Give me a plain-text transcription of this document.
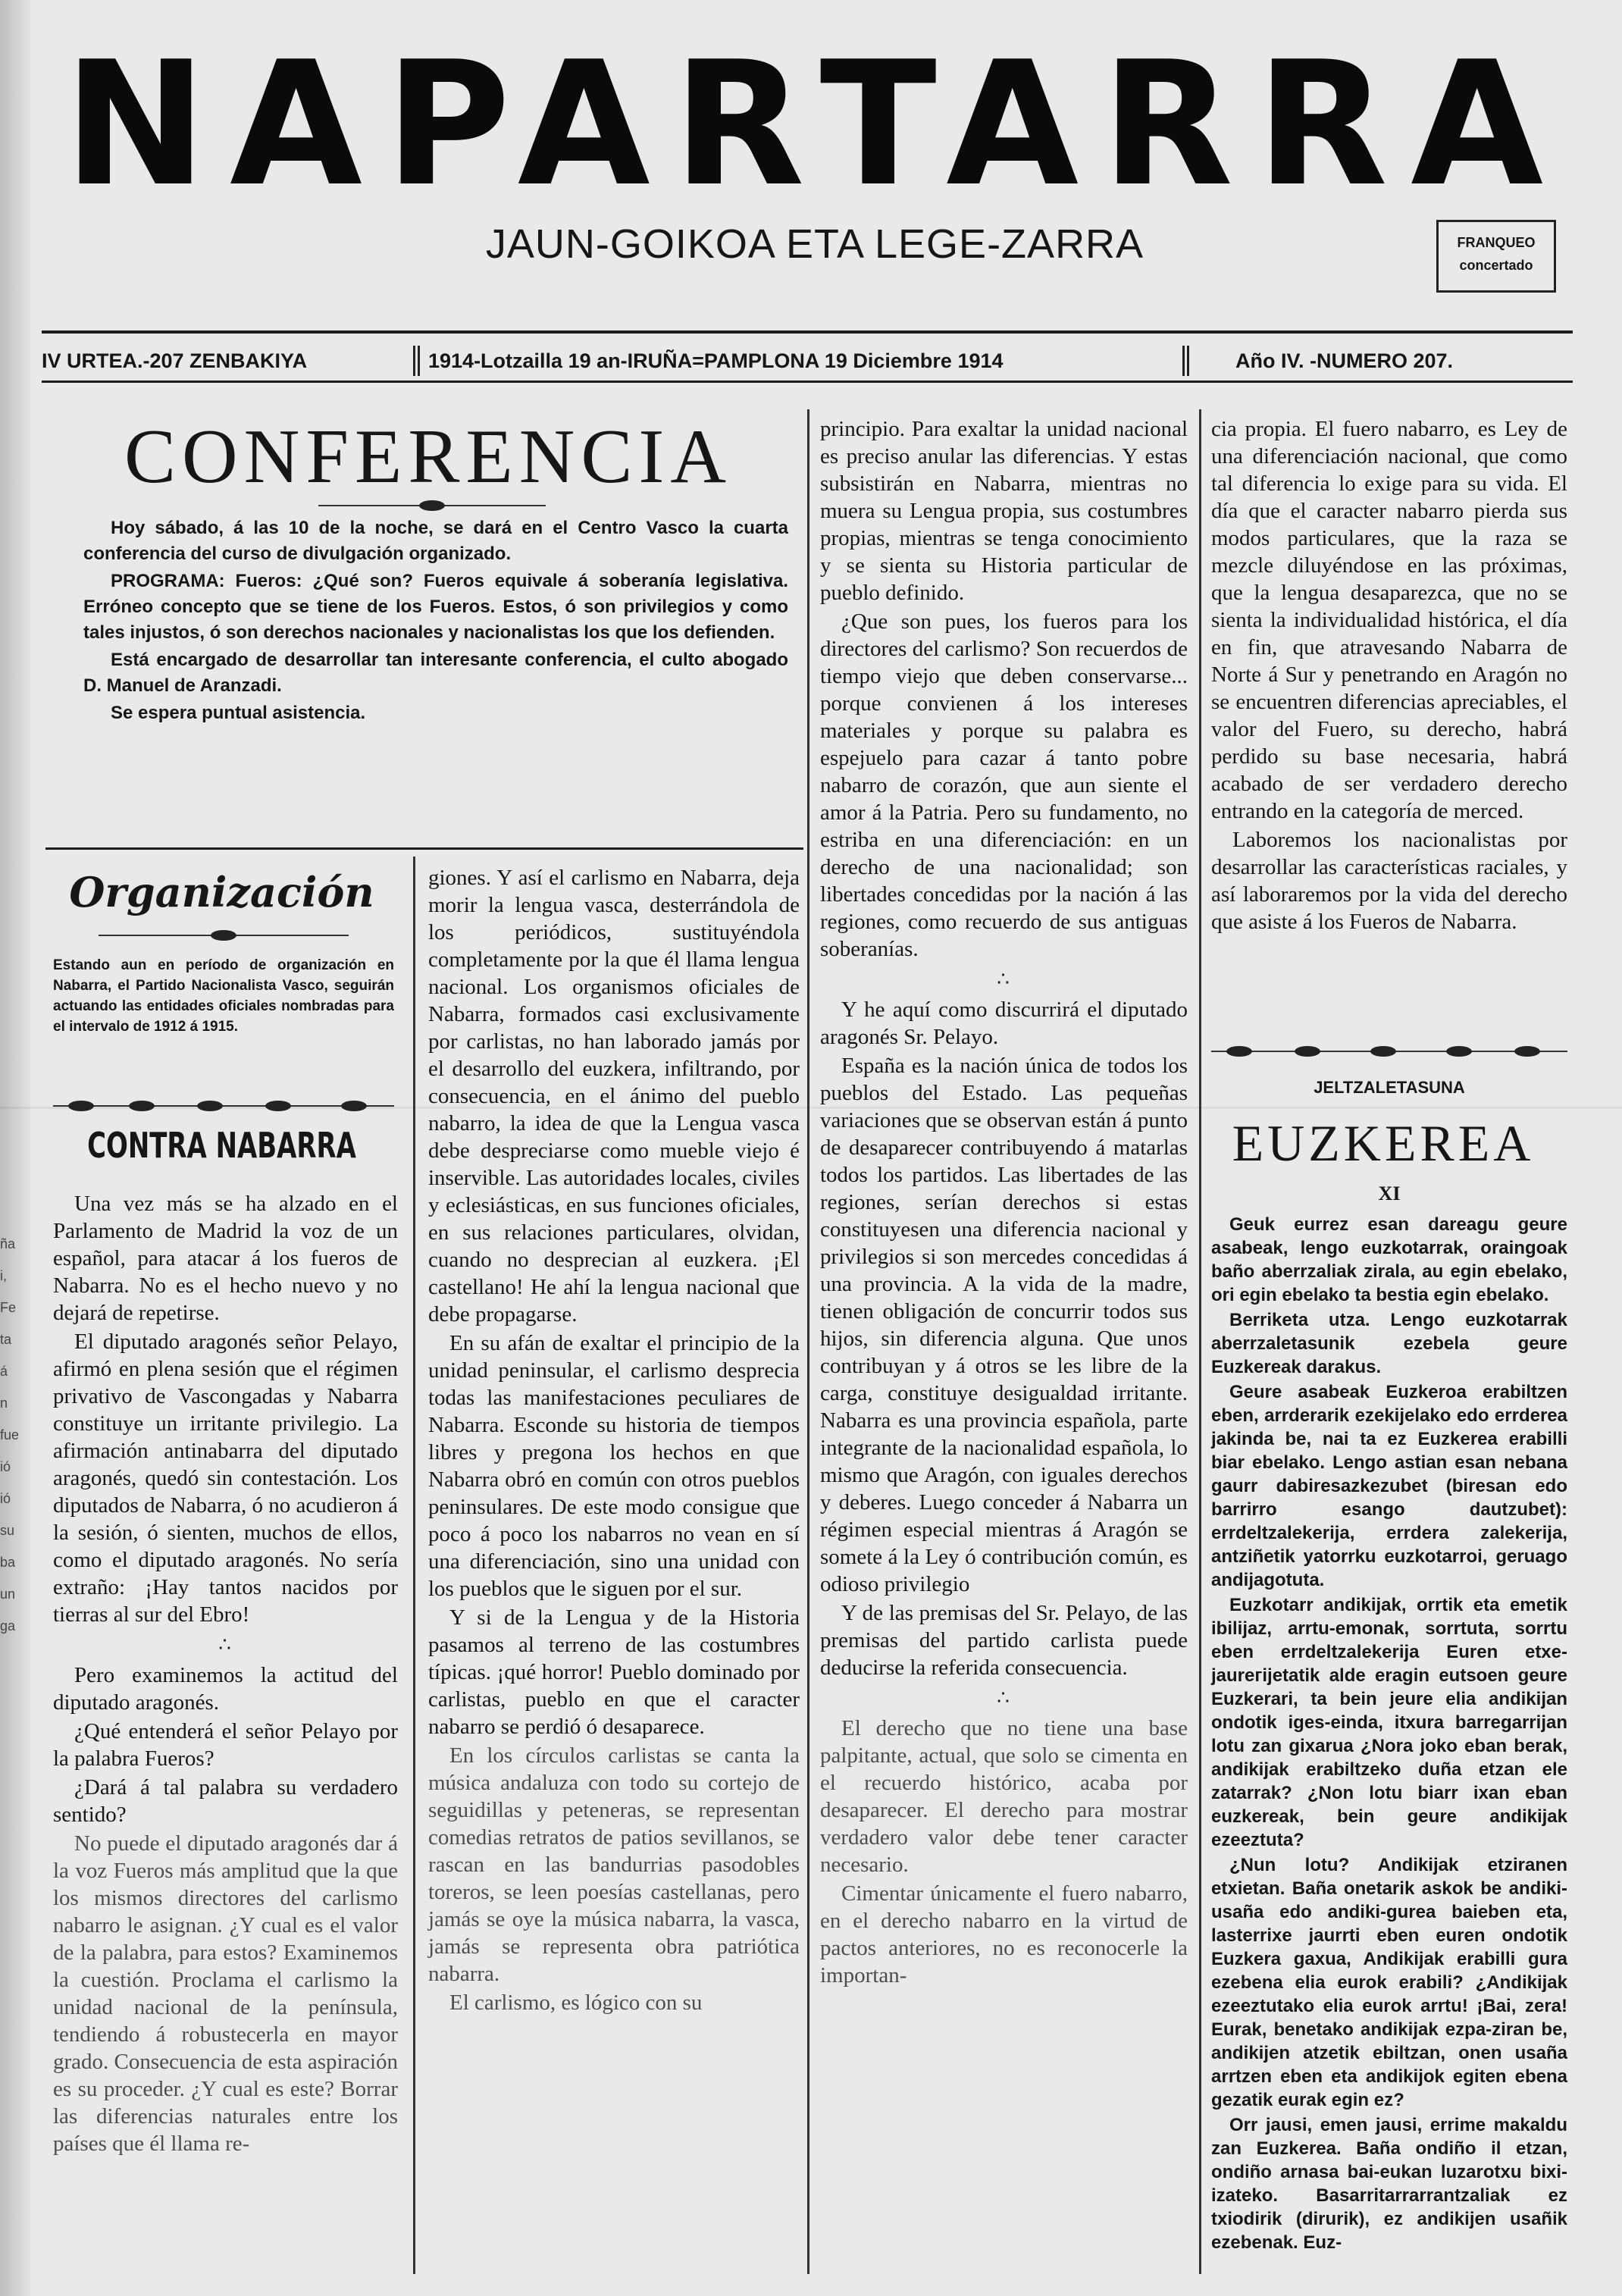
ña
i,
Fe
ta
á
n
fue
ió
ió
su
ba
un
ga
NAPARTARRA
JAUN-GOIKOA ETA LEGE-ZARRA	FRANQUEO
concertado
IV URTEA.-207 ZENBAKIYA	1914-Lotzailla 19 an-IRUÑA=PAMPLONA 19 Diciembre 1914	Año IV. -NUMERO 207.
CONFERENCIA

Hoy sábado, á las 10 de la noche, se dará en el Centro Vasco la cuarta conferencia del curso de divulgación organizado.

PROGRAMA: Fueros: ¿Qué son? Fueros equivale á soberanía legislativa. Erróneo concepto que se tiene de los Fueros. Estos, ó son privilegios y como tales injustos, ó son derechos nacionales y nacionalistas los que los defienden.

Está encargado de desarrollar tan interesante conferencia, el culto abogado D. Manuel de Aranzadi.

Se espera puntual asistencia.

Organización
Estando aun en período de organización en Nabarra, el Partido Nacionalista Vasco, seguirán actuando las entidades oficiales nombradas para el intervalo de 1912 á 1915.
CONTRA NABARRA

Una vez más se ha alzado en el Parlamento de Madrid la voz de un español, para atacar á los fueros de Nabarra. No es el hecho nuevo y no dejará de repetirse.

El diputado aragonés señor Pelayo, afirmó en plena sesión que el régimen privativo de Vascongadas y Nabarra constituye un irritante privilegio. La afirmación antinabarra del diputado aragonés, quedó sin contestación. Los diputados de Nabarra, ó no acudieron á la sesión, ó sienten, muchos de ellos, como el diputado aragonés. No sería extraño: ¡Hay tantos nacidos por tierras al sur del Ebro!

∴

Pero examinemos la actitud del diputado aragonés.

¿Qué entenderá el señor Pelayo por la palabra Fueros?

¿Dará á tal palabra su verdadero sentido?

No puede el diputado aragonés dar á la voz Fueros más amplitud que la que los mismos directores del carlismo nabarro le asignan. ¿Y cual es el valor de la palabra, para estos? Examinemos la cuestión. Proclama el carlismo la unidad nacional de la península, tendiendo á robustecerla en mayor grado. Consecuencia de esta aspiración es su proceder. ¿Y cual es este? Borrar las diferencias naturales entre los países que él llama re-

giones. Y así el carlismo en Nabarra, deja morir la lengua vasca, desterrándola de los periódicos, sustituyéndola completamente por la que él llama lengua nacional. Los organismos oficiales de Nabarra, formados casi exclusivamente por carlistas, no han laborado jamás por el desarrollo del euzkera, infiltrando, por consecuencia, en el ánimo del pueblo nabarro, la idea de que la Lengua vasca debe despreciarse como mueble viejo é inservible. Las autoridades locales, civiles y eclesiásticas, en sus funciones oficiales, en sus relaciones particulares, olvidan, cuando no desprecian al euzkera. ¡El castellano! He ahí la lengua nacional que debe propagarse.

En su afán de exaltar el principio de la unidad peninsular, el carlismo desprecia todas las manifestaciones peculiares de Nabarra. Esconde su historia de tiempos libres y pregona los hechos en que Nabarra obró en común con otros pueblos peninsulares. De este modo consigue que poco á poco los nabarros no vean en sí una diferenciación, sino una unidad con los pueblos que le siguen por el sur.

Y si de la Lengua y de la Historia pasamos al terreno de las costumbres típicas. ¡qué horror! Pueblo dominado por carlistas, pueblo en que el caracter nabarro se perdió ó desaparece.

En los círculos carlistas se canta la música andaluza con todo su cortejo de seguidillas y peteneras, se representan comedias retratos de patios sevillanos, se rascan en las bandurrias pasodobles toreros, se leen poesías castellanas, pero jamás se oye la música nabarra, la vasca, jamás se representa obra patriótica nabarra.

El carlismo, es lógico con su

principio. Para exaltar la unidad nacional es preciso anular las diferencias. Y estas subsistirán en Nabarra, mientras no muera su Lengua propia, sus costumbres propias, mientras se tenga conocimiento y se sienta su Historia particular de pueblo definido.

¿Que son pues, los fueros para los directores del carlismo? Son recuerdos de tiempo viejo que deben conservarse... porque convienen á los intereses materiales y porque su palabra es espejuelo para cazar á tanto pobre nabarro de corazón, que aun siente el amor á la Patria. Pero su fundamento, no estriba en una diferenciación: en un derecho de una nacionalidad; son libertades concedidas por la nación á las regiones, como recuerdo de sus antiguas soberanías.

∴

Y he aquí como discurrirá el diputado aragonés Sr. Pelayo.

España es la nación única de todos los pueblos del Estado. Las pequeñas variaciones que se observan están á punto de desaparecer contribuyendo á matarlas todos los partidos. Las libertades de las regiones, serían derechos si estas constituyesen una diferencia nacional y privilegios si son mercedes concedidas á una provincia. A la vida de la madre, tienen obligación de concurrir todos sus hijos, sin diferencia alguna. Que unos contribuyan y á otros se les libre de la carga, constituye desigualdad irritante. Nabarra es una provincia española, parte integrante de la nacionalidad española, lo mismo que Aragón, con iguales derechos y deberes. Luego conceder á Nabarra un régimen especial mientras á Aragón se somete á la Ley ó contribución común, es odioso privilegio

Y de las premisas del Sr. Pelayo, de las premisas del partido carlista puede deducirse la referida consecuencia.

∴

El derecho que no tiene una base palpitante, actual, que solo se cimenta en el recuerdo histórico, acaba por desaparecer. El derecho para mostrar verdadero valor debe tener caracter necesario.

Cimentar únicamente el fuero nabarro, en el derecho nabarro en la virtud de pactos anteriores, no es reconocerle la importan-

cia propia. El fuero nabarro, es Ley de una diferenciación nacional, que como tal diferencia lo exige para su vida. El día que el caracter nabarro pierda sus modos particulares, que la raza se mezcle diluyéndose en las próximas, que la lengua desaparezca, que no se sienta la individualidad histórica, el día en fin, que atravesando Nabarra de Norte á Sur y penetrando en Aragón no se encuentren diferencias apreciables, el valor del Fuero, su derecho, habrá perdido su base necesaria, habrá acabado de ser verdadero derecho entrando en la categoría de merced.

Laboremos los nacionalistas por desarrollar las características raciales, y así laboraremos por la vida del derecho que asiste á los Fueros de Nabarra.

JELTZALETASUNA
EUZKEREA
XI

Geuk eurrez esan dareagu geure asabeak, lengo euzkotarrak, oraingoak baño aberrzaliak zirala, au egin ebelako, ori egin ebelako ta bestia egin ebelako.

Berriketa utza. Lengo euzkotarrak aberrzaletasunik ezebela geure Euzkereak darakus.

Geure asabeak Euzkeroa erabiltzen eben, arrderarik ezekijelako edo errderea jakinda be, nai ta ez Euzkerea erabilli biar ebelako. Lengo astian esan nebana gaurr dabiresazkezubet (biresan edo barrirro esango dautzubet): errdeltzalekerija, errdera zalekerija, antziñetik yatorrku euzkotarroi, geruago andijagotuta.

Euzkotarr andikijak, orrtik eta emetik ibilijaz, arrtu-emonak, sorrtuta, sorrtu eben errdeltzalekerija Euren etxe-jaurегijetatik alde eragin eutsoen geure Euzkerari, ta bein jeure elia andikijan ondotik iges-einda, itxura barregarrijan lotu zan gixarua ¿Nora joko eban berak, andikijak erabiltzeko duña etzan ele zatarrak? ¿Non lotu biarr ixan eban euzkereak, bein geure andikijak ezeeztuta?

¿Nun lotu? Andikijak etziranen etxietan. Baña onetarik askok be andiki-usaña edo andiki-gurea baieben eta, lasterrixe jaurrti eben euren ondotik Euzkera gaxua, Andikijak erabilli gura ezebena elia eurok erabili? ¿Andikijak ezeeztutako elia eurok arrtu! ¡Bai, zera! Eurak, benetako andikijak ezpa-ziran be, andikijen atzetik ebiltzan, onen usaña arrtzen eben eta andikijok egiten ebena gezatik eurak egin ez?

Orr jausi, emen jausi, errime makaldu zan Euzkerea. Baña ondiño il etzan, ondiño arnasa bai-eukan luzarotxu bixi-izateko. Basarritarrarrantzaliak ez txiodirik (dirurik), ez andikijen usañik ezebenak. Euz-
